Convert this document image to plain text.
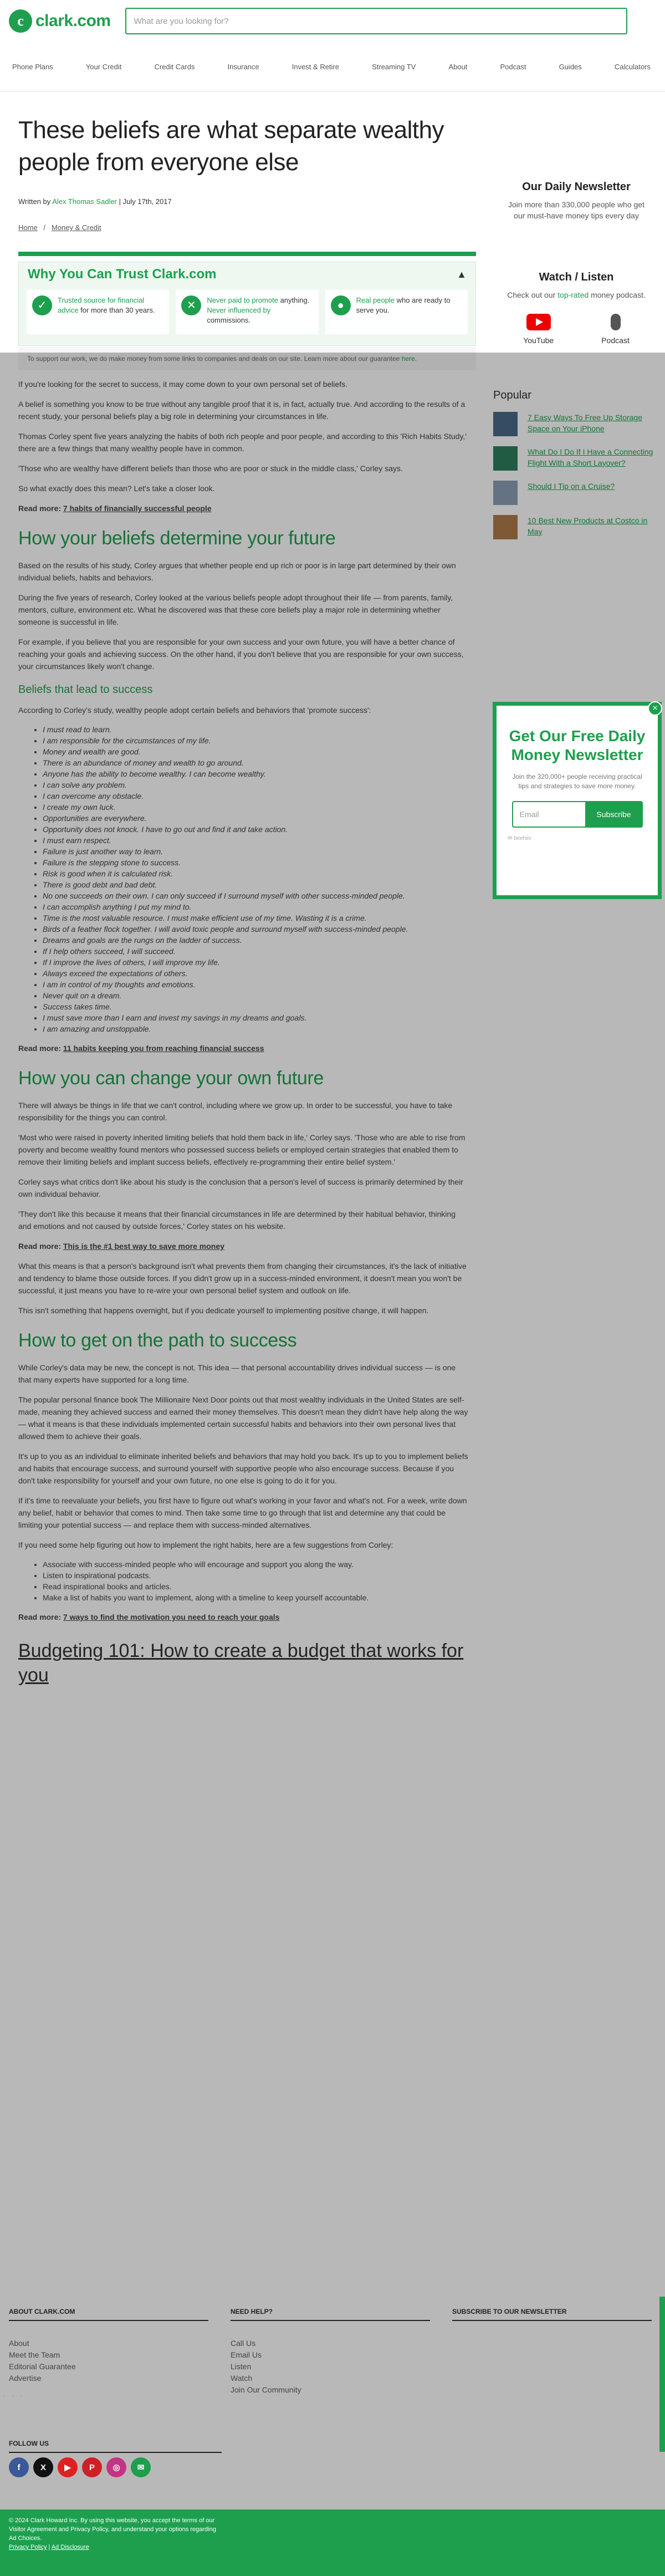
c clark.com	What are you looking for?
Phone Plans	Your Credit	Credit Cards	Insurance	Invest & Retire	Streaming TV	About	Podcast	Guides	Calculators
These beliefs are what separate wealthy people from everyone else
Written by Alex Thomas Sadler | July 17th, 2017
Home   /   Money & Credit
Why You Can Trust Clark.com	▲
✓	Trusted source for financial advice for more than 30 years.	✕	Never paid to promote anything. Never influenced by commissions.
●	Real people who are ready to serve you.
To support our work, we do make money from some links to companies and deals on our site. Learn more about our guarantee here.

If you're looking for the secret to success, it may come down to your own personal set of beliefs.

A belief is something you know to be true without any tangible proof that it is, in fact, actually true. And according to the results of a recent study, your personal beliefs play a big role in determining your circumstances in life.

Thomas Corley spent five years analyzing the habits of both rich people and poor people, and according to this 'Rich Habits Study,' there are a few things that many wealthy people have in common.

'Those who are wealthy have different beliefs than those who are poor or stuck in the middle class,' Corley says.

So what exactly does this mean? Let's take a closer look.

Read more: 7 habits of financially successful people

How your beliefs determine your future

Based on the results of his study, Corley argues that whether people end up rich or poor is in large part determined by their own individual beliefs, habits and behaviors.

During the five years of research, Corley looked at the various beliefs people adopt throughout their life — from parents, family, mentors, culture, environment etc. What he discovered was that these core beliefs play a major role in determining whether someone is successful in life.

For example, if you believe that you are responsible for your own success and your own future, you will have a better chance of reaching your goals and achieving success. On the other hand, if you don't believe that you are responsible for your own success, your circumstances likely won't change.

Beliefs that lead to success

According to Corley's study, wealthy people adopt certain beliefs and behaviors that 'promote success':

• I must read to learn.
• I am responsible for the circumstances of my life.
• Money and wealth are good.
• There is an abundance of money and wealth to go around.
• Anyone has the ability to become wealthy. I can become wealthy.
• I can solve any problem.
• I can overcome any obstacle.
• I create my own luck.
• Opportunities are everywhere.
• Opportunity does not knock. I have to go out and find it and take action.
• I must earn respect.
• Failure is just another way to learn.
• Failure is the stepping stone to success.
• Risk is good when it is calculated risk.
• There is good debt and bad debt.
• No one succeeds on their own. I can only succeed if I surround myself with other success-minded people.
• I can accomplish anything I put my mind to.
• Time is the most valuable resource. I must make efficient use of my time. Wasting it is a crime.
• Birds of a feather flock together. I will avoid toxic people and surround myself with success-minded people.
• Dreams and goals are the rungs on the ladder of success.
• If I help others succeed, I will succeed.
• If I improve the lives of others, I will improve my life.
• Always exceed the expectations of others.
• I am in control of my thoughts and emotions.
• Never quit on a dream.
• Success takes time.
• I must save more than I earn and invest my savings in my dreams and goals.
• I am amazing and unstoppable.

Read more: 11 habits keeping you from reaching financial success

How you can change your own future

There will always be things in life that we can't control, including where we grow up. In order to be successful, you have to take responsibility for the things you can control.

'Most who were raised in poverty inherited limiting beliefs that hold them back in life,' Corley says. 'Those who are able to rise from poverty and become wealthy found mentors who possessed success beliefs or employed certain strategies that enabled them to remove their limiting beliefs and implant success beliefs, effectively re-programming their entire belief system.'

Corley says what critics don't like about his study is the conclusion that a person's level of success is primarily determined by their own individual behavior.

'They don't like this because it means that their financial circumstances in life are determined by their habitual behavior, thinking and emotions and not caused by outside forces,' Corley states on his website.

Read more: This is the #1 best way to save more money

What this means is that a person's background isn't what prevents them from changing their circumstances, it's the lack of initiative and tendency to blame those outside forces. If you didn't grow up in a success-minded environment, it doesn't mean you won't be successful, it just means you have to re-wire your own personal belief system and outlook on life.

This isn't something that happens overnight, but if you dedicate yourself to implementing positive change, it will happen.

How to get on the path to success

While Corley's data may be new, the concept is not. This idea — that personal accountability drives individual success — is one that many experts have supported for a long time.

The popular personal finance book The Millionaire Next Door points out that most wealthy individuals in the United States are self-made, meaning they achieved success and earned their money themselves. This doesn't mean they didn't have help along the way — what it means is that these individuals implemented certain successful habits and behaviors into their own personal lives that allowed them to achieve their goals.

It's up to you as an individual to eliminate inherited beliefs and behaviors that may hold you back. It's up to you to implement beliefs and habits that encourage success, and surround yourself with supportive people who also encourage success. Because if you don't take responsibility for yourself and your own future, no one else is going to do it for you.

If it's time to reevaluate your beliefs, you first have to figure out what's working in your favor and what's not. For a week, write down any belief, habit or behavior that comes to mind. Then take some time to go through that list and determine any that could be limiting your potential success — and replace them with success-minded alternatives.

If you need some help figuring out how to implement the right habits, here are a few suggestions from Corley:

• Associate with success-minded people who will encourage and support you along the way.
• Listen to inspirational podcasts.
• Read inspirational books and articles.
• Make a list of habits you want to implement, along with a timeline to keep yourself accountable.

Read more: 7 ways to find the motivation you need to reach your goals

Budgeting 101: How to create a budget that works for you
Our Daily Newsletter
Join more than 330,000 people who get our must-have money tips every day
Watch / Listen
Check out our top-rated money podcast.
YouTube	Podcast
Popular
7 Easy Ways To Free Up Storage Space on Your iPhone
What Do I Do If I Have a Connecting Flight With a Short Layover?
Should I Tip on a Cruise?
10 Best New Products at Costco in May
×
Get Our Free Daily Money Newsletter
Join the 320,000+ people receiving practical tips and strategies to save more money.
Email	Subscribe
✉ beehiiv
▫ ▫ ▫
ABOUT CLARK.COM
About
Meet the Team
Editorial Guarantee
Advertise
NEED HELP?
Call Us
Email Us
Listen
Watch
Join Our Community
SUBSCRIBE TO OUR NEWSLETTER
FOLLOW US
f	X	▶	P	◎	✉
© 2024 Clark Howard Inc. By using this website, you accept the terms of our
Visitor Agreement and Privacy Policy, and understand your options regarding
Ad Choices.
Privacy Policy | Ad Disclosure
